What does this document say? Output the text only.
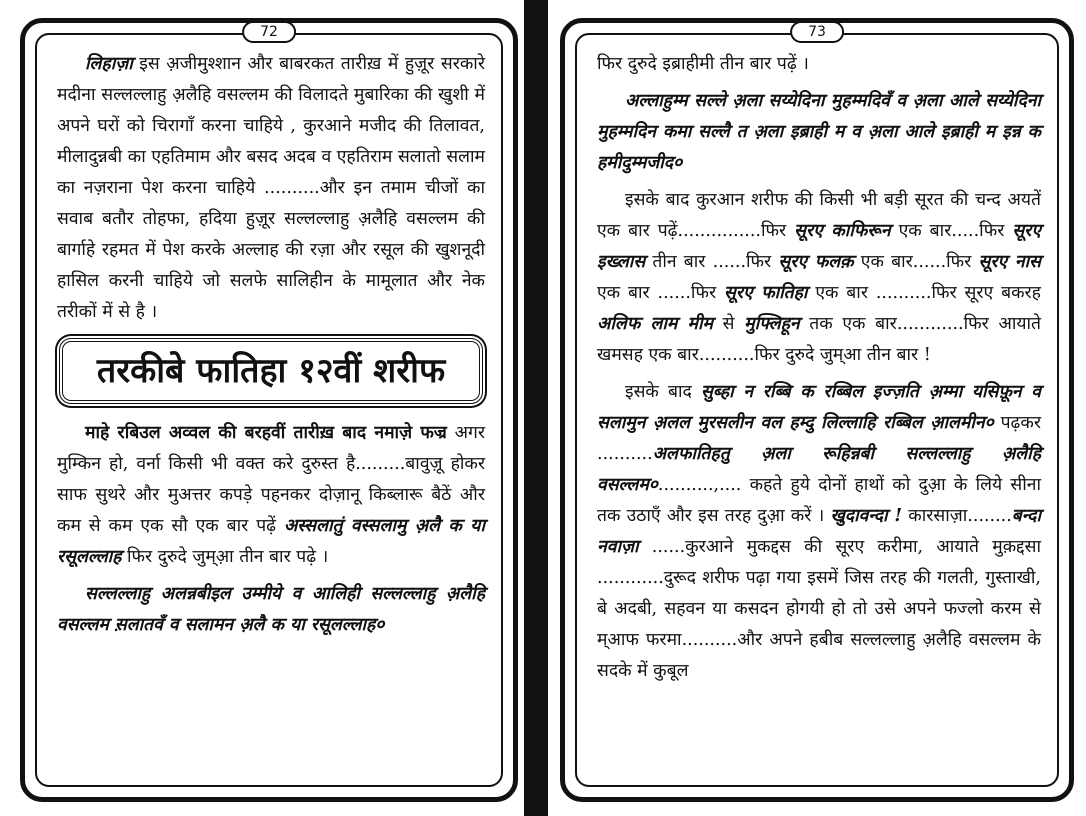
72

लिहाज़ा इस अ़जीमुश्शान और बाबरकत तारीख़ में हुज़ूर सरकारे मदीना सल्लल्लाहु अ़लैहि वसल्लम की विलादते मुबारिका की खुशी में अपने घरों को चिरागाँ करना चाहिये , कुरआने मजीद की तिलावत, मीलादुन्नबी का एहतिमाम और बसद अदब व एहतिराम सलातो सलाम का नज़राना पेश करना चाहिये ..........और इन तमाम चीजों का सवाब बतौर तोहफा, हदिया हुज़ूर सल्लल्लाहु अ़लैहि वसल्लम की बार्गाहे रहमत में पेश करके अल्लाह की रज़ा और रसूल की खुशनूदी हासिल करनी चाहिये जो सलफे सालिहीन के मामूलात और नेक तरीकों में से है ।

तरकीबे फातिहा १२वीं शरीफ

माहे रबिउल अव्वल की बरहवीं तारीख़ बाद नमाज़े फज्र अगर मुम्किन हो, वर्ना किसी भी वक्त करे दुरुस्त है.........बावुज़ू होकर साफ सुथरे और मुअत्तर कपड़े पहनकर दोज़ानू किब्लारू बैठें और कम से कम एक सौ एक बार पढ़ें अस्सलातुं वस्सलामु अ़लै क या रसूलल्लाह फिर दुरुदे जुम्आ़ तीन बार पढ़े ।

सल्लल्लाहु अलन्नबीइल उम्मीये व आलिही सल्लल्लाहु अ़लैहि वसल्लम स़लातवँ व सलामन अ़लै क या रसूलल्लाह०

73

फिर दुरुदे इब्राहीमी तीन बार पढ़ें ।

अल्लाहुम्म सल्ले अ़ला सय्येदिना मुहम्मदिवँ व अ़ला आले सय्येदिना मुहम्मदिन कमा सल्लै त अ़ला इब्राही म व अ़ला आले इब्राही म इन्न क हमीदुम्मजीद०

इसके बाद कुरआन शरीफ की किसी भी बड़ी सूरत की चन्द अयतें एक बार पढ़ें...............फिर सूरए काफिरून एक बार.....फिर सूरए इख्लास तीन बार ......फिर सूरए फलक़ एक बार......फिर सूरए नास एक बार ......फिर सूरए फातिहा एक बार ..........फिर सूरए बकरह अलिफ लाम मीम से मुफ्लिहून तक एक बार............फिर आयाते खमसह एक बार..........फिर दुरुदे जुम्आ तीन बार !

इसके बाद सुब्हा न रब्बि क रब्बिल इज्ज़ति अ़म्मा यसिफ़ून व सलामुन अ़लल मुरसलीन वल हम्दु लिल्लाहि रब्बिल आ़लमीन० पढ़कर ..........अलफातिहतु अ़ला रूहिन्नबी सल्लल्लाहु अ़लैहि वसल्लम०..........,.... कहते हुये दोनों हाथों को दुआ़ के लिये सीना तक उठाएँ और इस तरह दुआ़ करें । खुदावन्दा ! कारसाज़ा........बन्दा नवाज़ा ......कुरआने मुकद्दस की सूरए करीमा, आयाते मुक़द्दसा ............दुरूद शरीफ पढ़ा गया इसमें जिस तरह की गलती, गुस्ताखी, बे अदबी, सहवन या कसदन होगयी हो तो उसे अपने फज्लो करम से म्आफ फरमा..........और अपने हबीब सल्लल्लाहु अ़लैहि वसल्लम के सदके में कुबूल
